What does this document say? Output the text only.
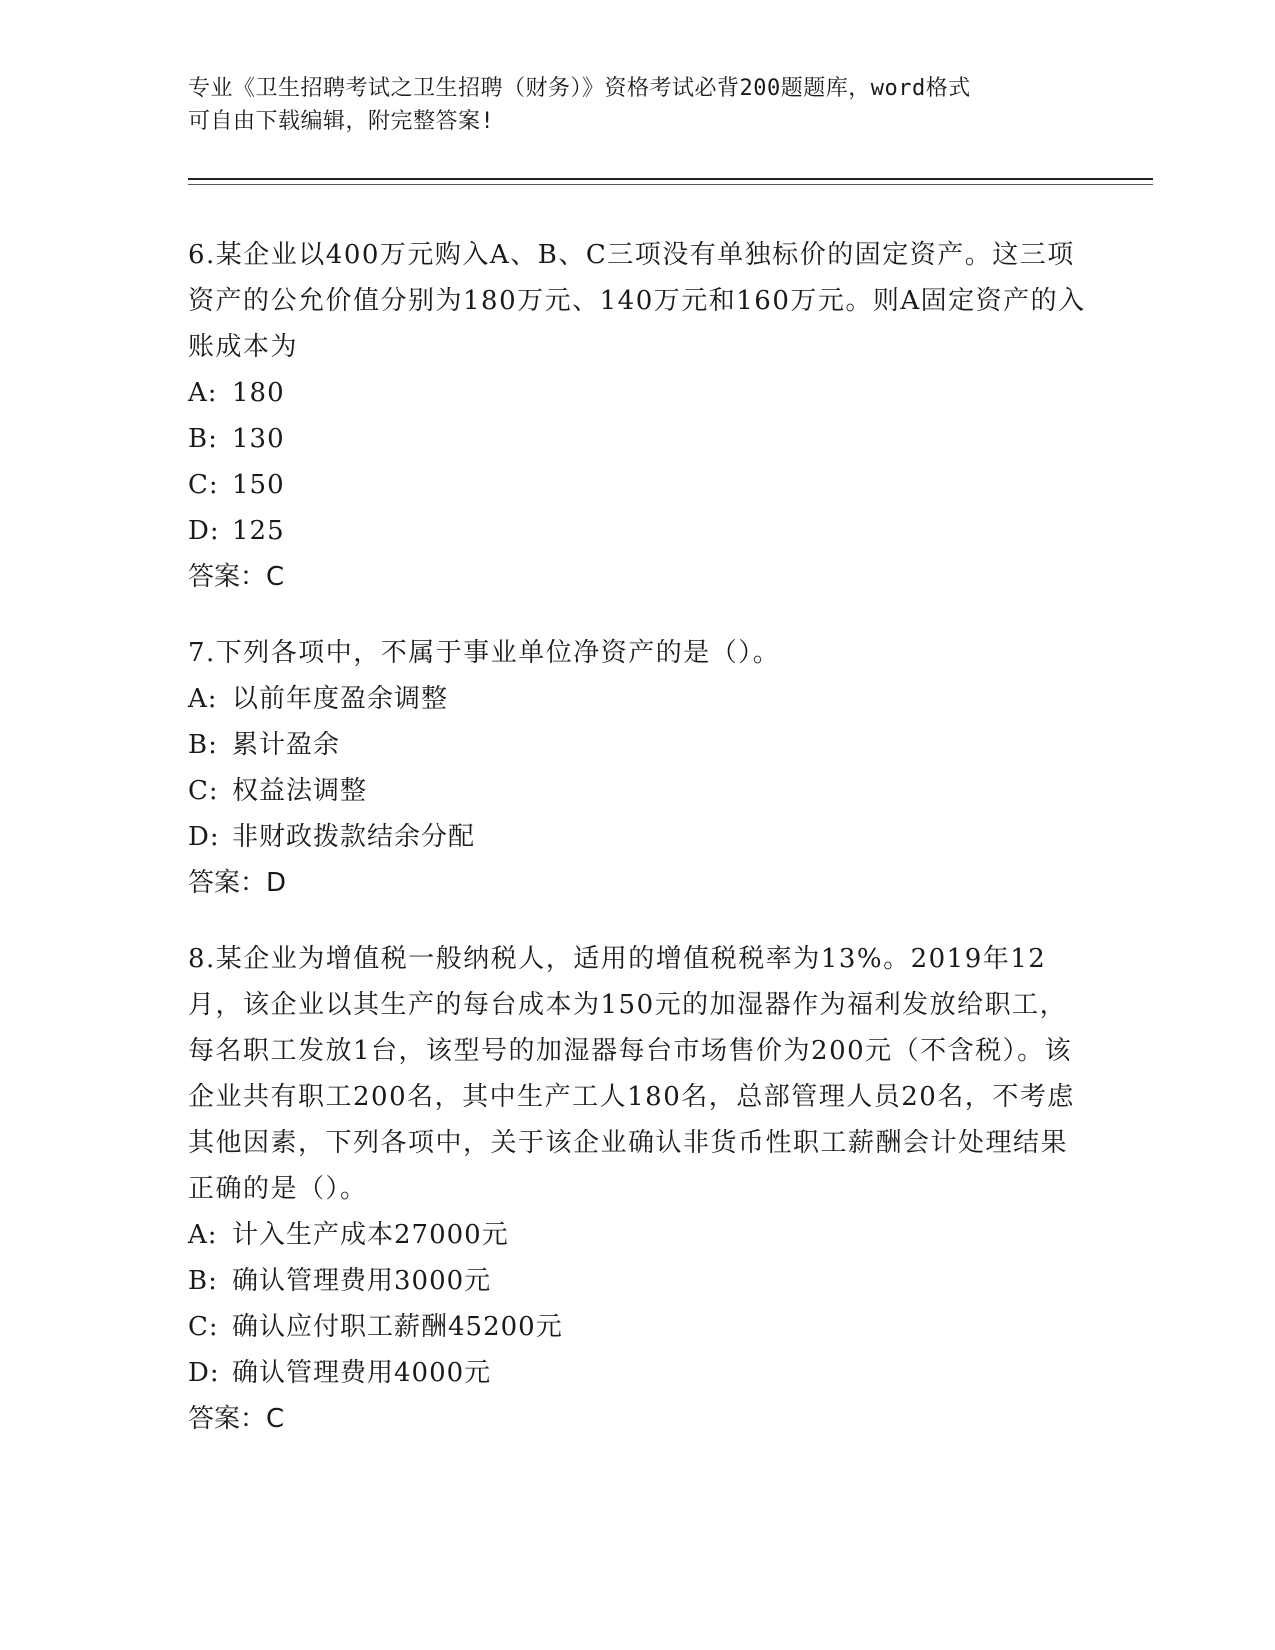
专业《卫生招聘考试之卫生招聘（财务）》资格考试必背200题题库，word格式
可自由下载编辑，附完整答案!

6.某企业以400万元购入A、B、C三项没有单独标价的固定资产。这三项资产的公允价值分别为180万元、140万元和160万元。则A固定资产的入账成本为

A: 180

B: 130

C: 150

D: 125

答案：C

7.下列各项中，不属于事业单位净资产的是（）。

A: 以前年度盈余调整

B: 累计盈余

C: 权益法调整

D: 非财政拨款结余分配

答案：D

8.某企业为增值税一般纳税人，适用的增值税税率为13%。2019年12月，该企业以其生产的每台成本为150元的加湿器作为福利发放给职工，每名职工发放1台，该型号的加湿器每台市场售价为200元（不含税）。该企业共有职工200名，其中生产工人180名，总部管理人员20名，不考虑其他因素，下列各项中，关于该企业确认非货币性职工薪酬会计处理结果正确的是（）。

A: 计入生产成本27000元

B: 确认管理费用3000元

C: 确认应付职工薪酬45200元

D: 确认管理费用4000元

答案：C
